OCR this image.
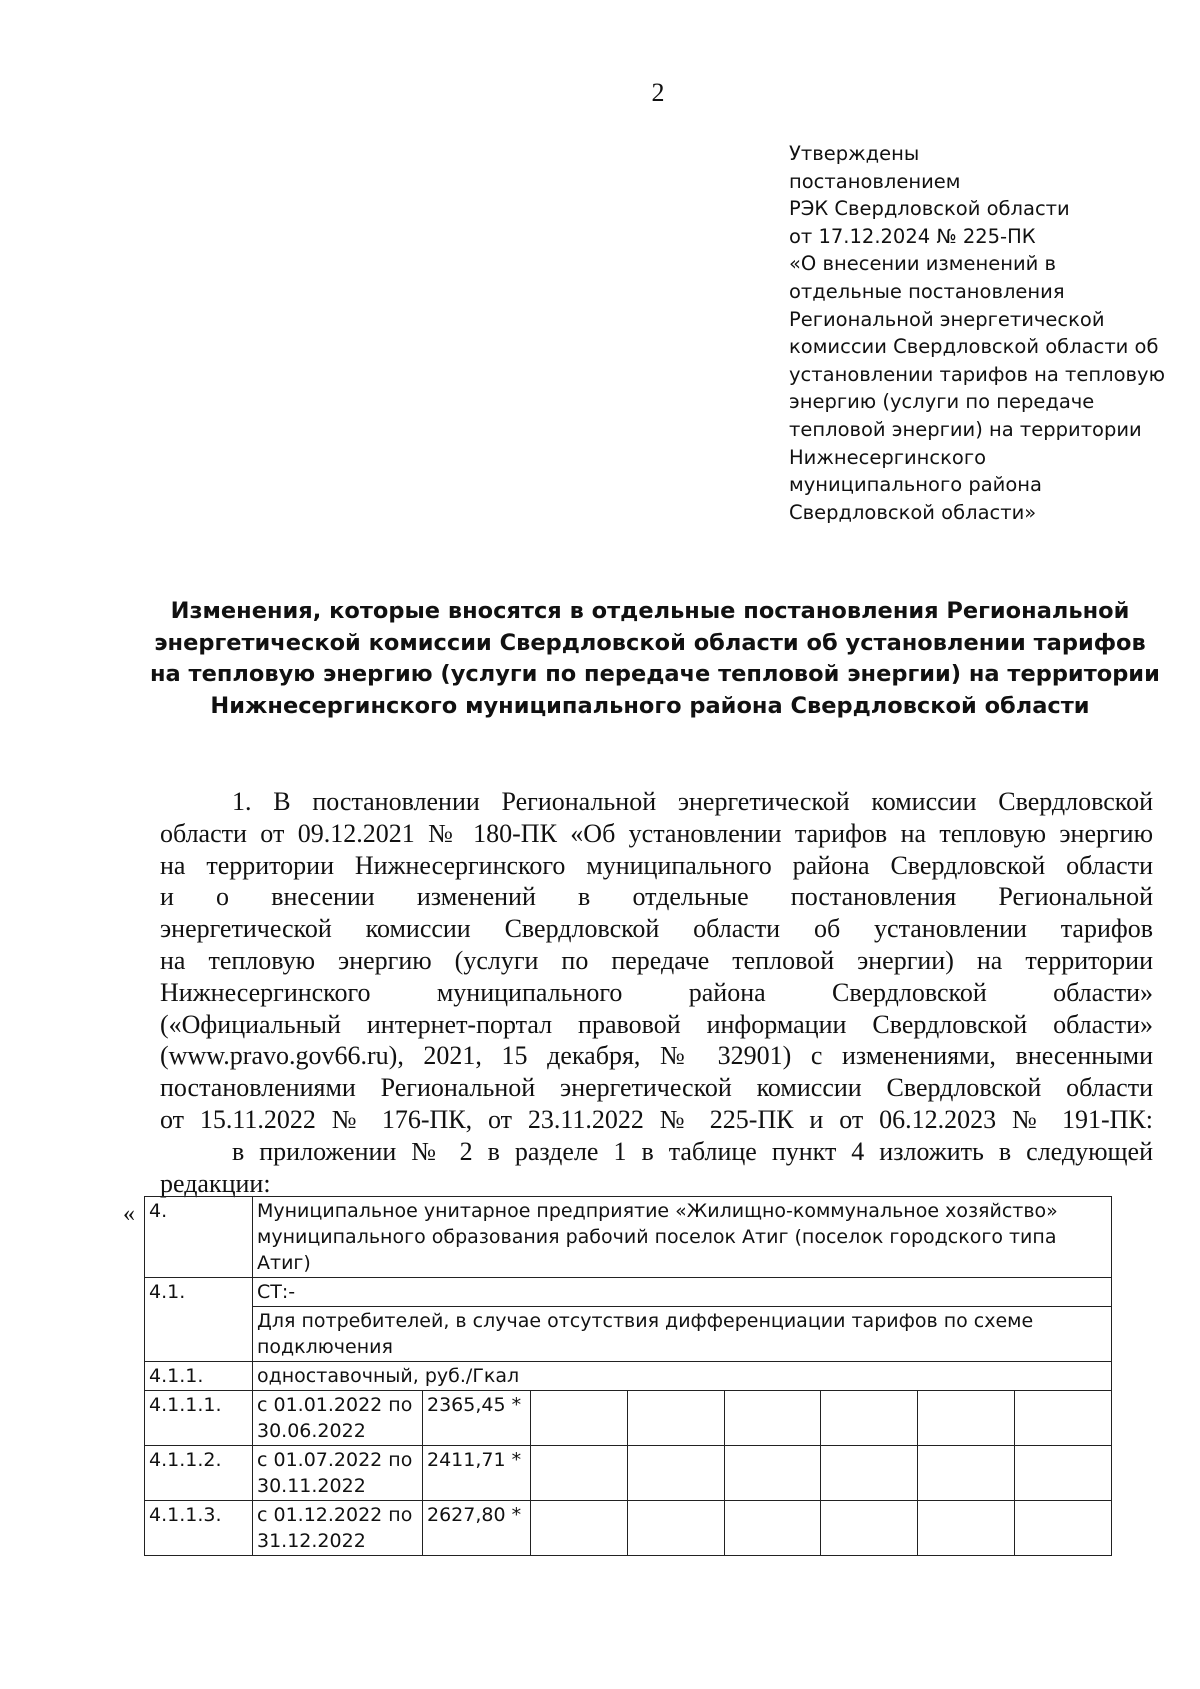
2
Утверждены
постановлением
РЭК Свердловской области
от 17.12.2024 № 225-ПК
«О внесении изменений в
отдельные постановления
Региональной энергетической
комиссии Свердловской области об
установлении тарифов на тепловую
энергию (услуги по передаче
тепловой энергии) на территории
Нижнесергинского
муниципального района
Свердловской области»
Изменения, которые вносятся в отдельные постановления Региональной
энергетической комиссии Свердловской области об установлении тарифов
на тепловую энергию (услуги по передаче тепловой энергии) на территории
Нижнесергинского муниципального района Свердловской области
1. В постановлении Региональной энергетической комиссии Свердловской
области от 09.12.2021 № 180-ПК «Об установлении тарифов на тепловую энергию
на территории Нижнесергинского муниципального района Свердловской области
и о внесении изменений в отдельные постановления Региональной
энергетической комиссии Свердловской области об установлении тарифов
на тепловую энергию (услуги по передаче тепловой энергии) на территории
Нижнесергинского муниципального района Свердловской области»
(«Официальный интернет-портал правовой информации Свердловской области»
(www.pravo.gov66.ru), 2021, 15 декабря, № 32901) с изменениями, внесенными
постановлениями Региональной энергетической комиссии Свердловской области
от 15.11.2022 № 176-ПК, от 23.11.2022 № 225-ПК и от 06.12.2023 № 191-ПК:
в приложении № 2 в разделе 1 в таблице пункт 4 изложить в следующей
редакции:
« 4.	Муниципальное унитарное предприятие «Жилищно-коммунальное хозяйство» муниципального образования рабочий поселок Атиг (поселок городского типа Атиг)							
4.1.	СТ:-							
	Для потребителей, в случае отсутствия дифференциации тарифов по схеме подключения							
4.1.1.	одноставочный, руб./Гкал							
4.1.1.1.	с 01.01.2022 по 30.06.2022	2365,45 *						
4.1.1.2.	с 01.07.2022 по 30.11.2022	2411,71 *						
4.1.1.3.	с 01.12.2022 по 31.12.2022	2627,80 *						
